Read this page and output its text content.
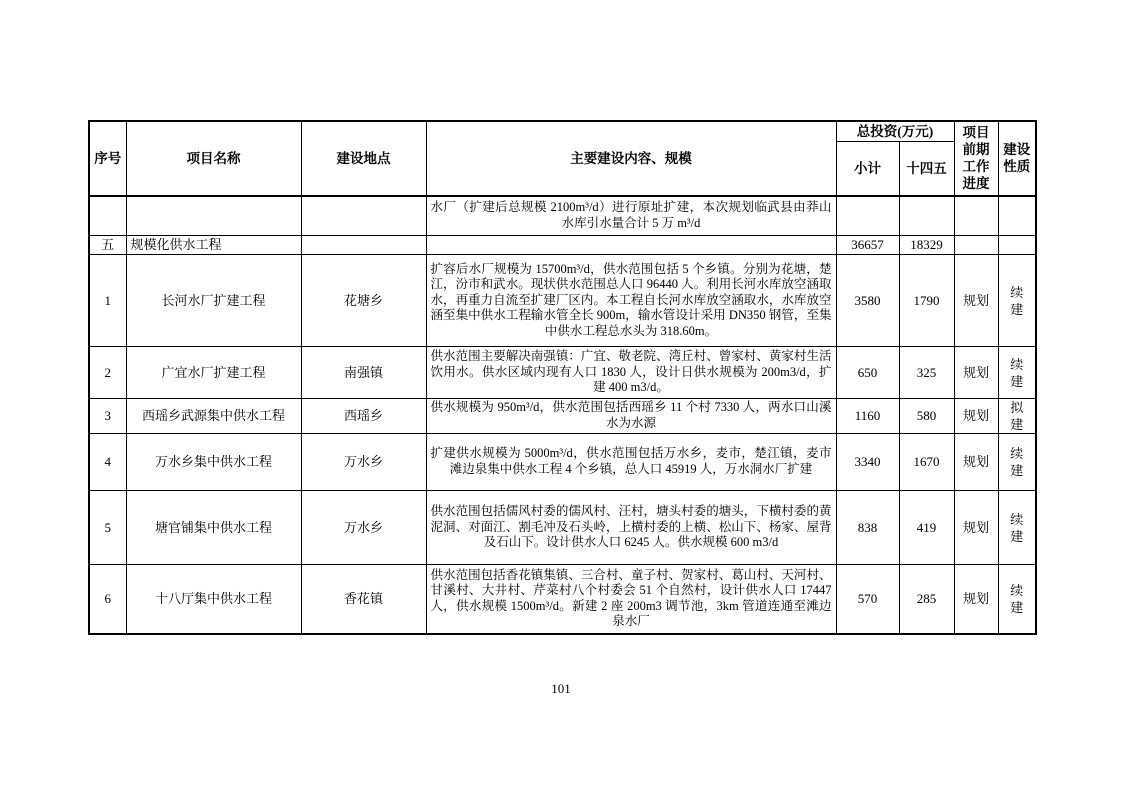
序号	项目名称	建设地点	主要建设内容、规模	总投资(万元)		项目前期工作进度	建设性质
				小计	十四五		
			水厂（扩建后总规模 2100m³/d）进行原址扩建，本次规划临武县由莽山水库引水量合计 5 万 m³/d				
五	规模化供水工程			36657	18329		
1	长河水厂扩建工程	花塘乡	扩容后水厂规模为 15700m³/d，供水范围包括 5 个乡镇。分别为花塘，楚江，汾市和武水。现状供水范围总人口 96440 人。利用长河水库放空涵取水，再重力自流至扩建厂区内。本工程自长河水库放空涵取水，水库放空涵至集中供水工程输水管全长 900m，输水管设计采用 DN350 钢管，至集中供水工程总水头为 318.60m。	3580	1790	规划	续建
2	广宜水厂扩建工程	南强镇	供水范围主要解决南强镇：广宜、敬老院、湾丘村、曾家村、黄家村生活饮用水。供水区域内现有人口 1830 人，设计日供水规模为 200m3/d，扩建 400 m3/d。	650	325	规划	续建
3	西瑶乡武源集中供水工程	西瑶乡	供水规模为 950m³/d，供水范围包括西瑶乡 11 个村 7330 人，两水口山溪水为水源	1160	580	规划	拟建
4	万水乡集中供水工程	万水乡	扩建供水规模为 5000m³/d，供水范围包括万水乡，麦市，楚江镇，麦市滩边泉集中供水工程 4 个乡镇，总人口 45919 人，万水洞水厂扩建	3340	1670	规划	续建
5	塘官铺集中供水工程	万水乡	供水范围包括儒风村委的儒风村、汪村，塘头村委的塘头，下横村委的黄泥洞、对面江、割毛冲及石头岭，上横村委的上横、松山下、杨家、屋背及石山下。设计供水人口 6245 人。供水规模 600 m3/d	838	419	规划	续建
6	十八厅集中供水工程	香花镇	供水范围包括香花镇集镇、三合村、童子村、贺家村、葛山村、天河村、甘溪村、大井村、芹菜村八个村委会 51 个自然村，设计供水人口 17447 人，供水规模 1500m³/d。新建 2 座 200m3 调节池，3km 管道连通至滩边泉水厂	570	285	规划	续建
101
